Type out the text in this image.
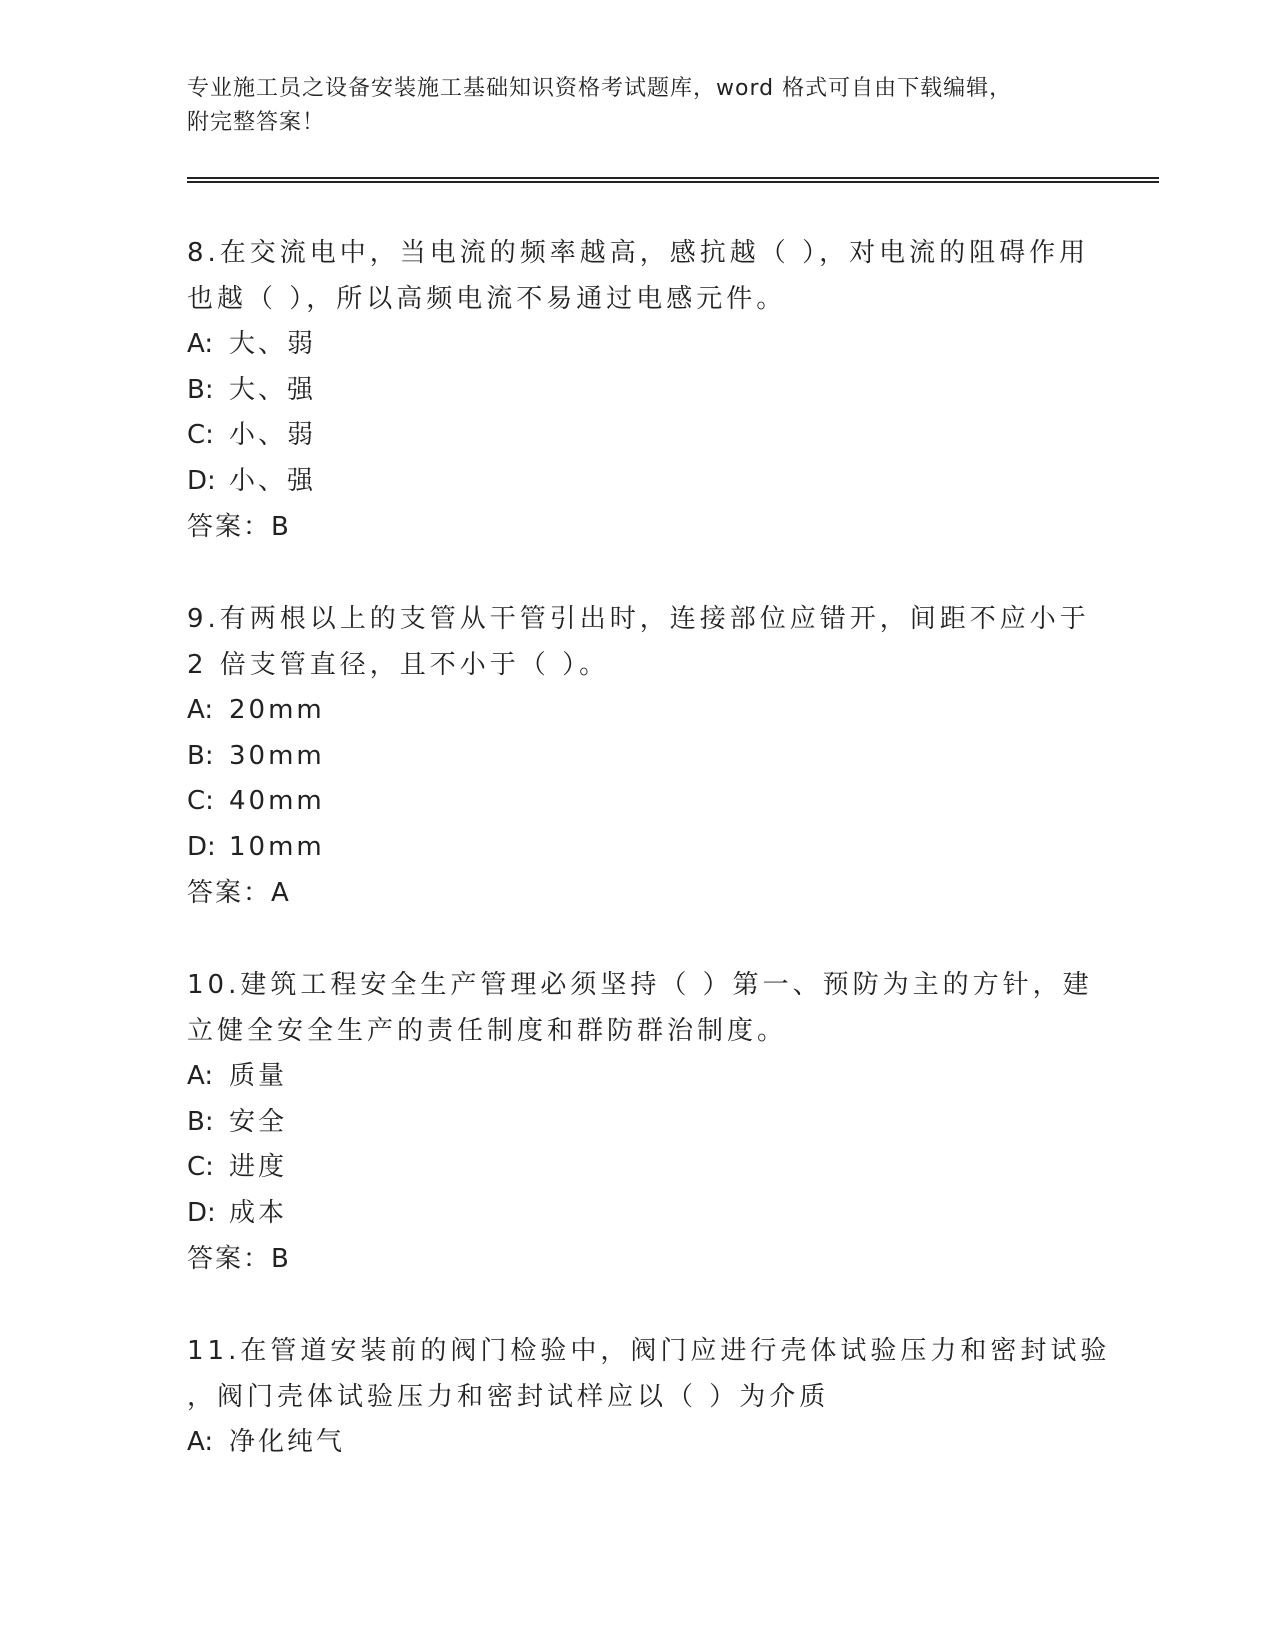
专业施工员之设备安装施工基础知识资格考试题库，word 格式可自由下载编辑，
附完整答案！
8.在交流电中，当电流的频率越高，感抗越（ ），对电流的阻碍作用
也越（ ），所以高频电流不易通过电感元件。
A: 大、弱
B: 大、强
C: 小、弱
D: 小、强
答案：B
9.有两根以上的支管从干管引出时，连接部位应错开，间距不应小于
2 倍支管直径，且不小于（ ）。
A: 20mm
B: 30mm
C: 40mm
D: 10mm
答案：A
10.建筑工程安全生产管理必须坚持（ ）第一、预防为主的方针，建
立健全安全生产的责任制度和群防群治制度。
A: 质量
B: 安全
C: 进度
D: 成本
答案：B
11.在管道安装前的阀门检验中，阀门应进行壳体试验压力和密封试验
，阀门壳体试验压力和密封试样应以（ ）为介质
A: 净化纯气
